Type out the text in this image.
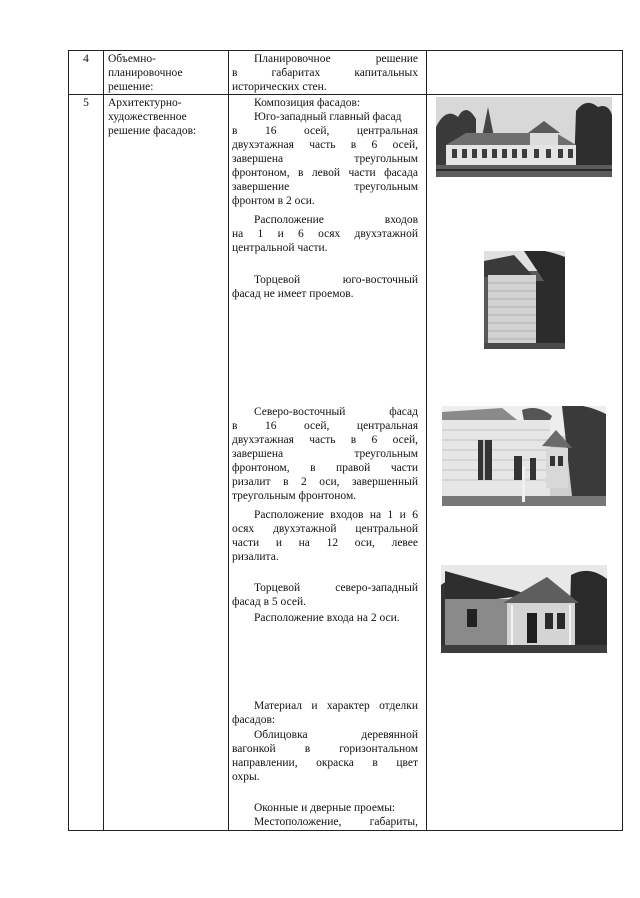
4	Объемно-планировочное решение:

Планировочное решение

в габаритах капитальных

исторических стен.

5	Архитектурно-художественное решение фасадов:

Композиция фасадов:

Юго-западный главный фасад

в 16 осей, центральная

двухэтажная часть в 6 осей,

завершена треугольным

фронтоном, в левой части фасада

завершение треугольным

фронтом в 2 оси.

Расположение входов

на 1 и 6 осях двухэтажной

центральной части.

Торцевой юго-восточный

фасад не имеет проемов.

Северо-восточный фасад

в 16 осей, центральная

двухэтажная часть в 6 осей,

завершена треугольным

фронтоном, в правой части

ризалит в 2 оси, завершенный

треугольным фронтоном.

Расположение входов на 1 и 6

осях двухэтажной центральной

части и на 12 оси, левее

ризалита.

Торцевой северо-западный

фасад в 5 осей.

Расположение входа на 2 оси.

Материал и характер отделки

фасадов:

Облицовка деревянной

вагонкой в горизонтальном

направлении, окраска в цвет

охры.

Оконные и дверные проемы:

Местоположение, габариты,
